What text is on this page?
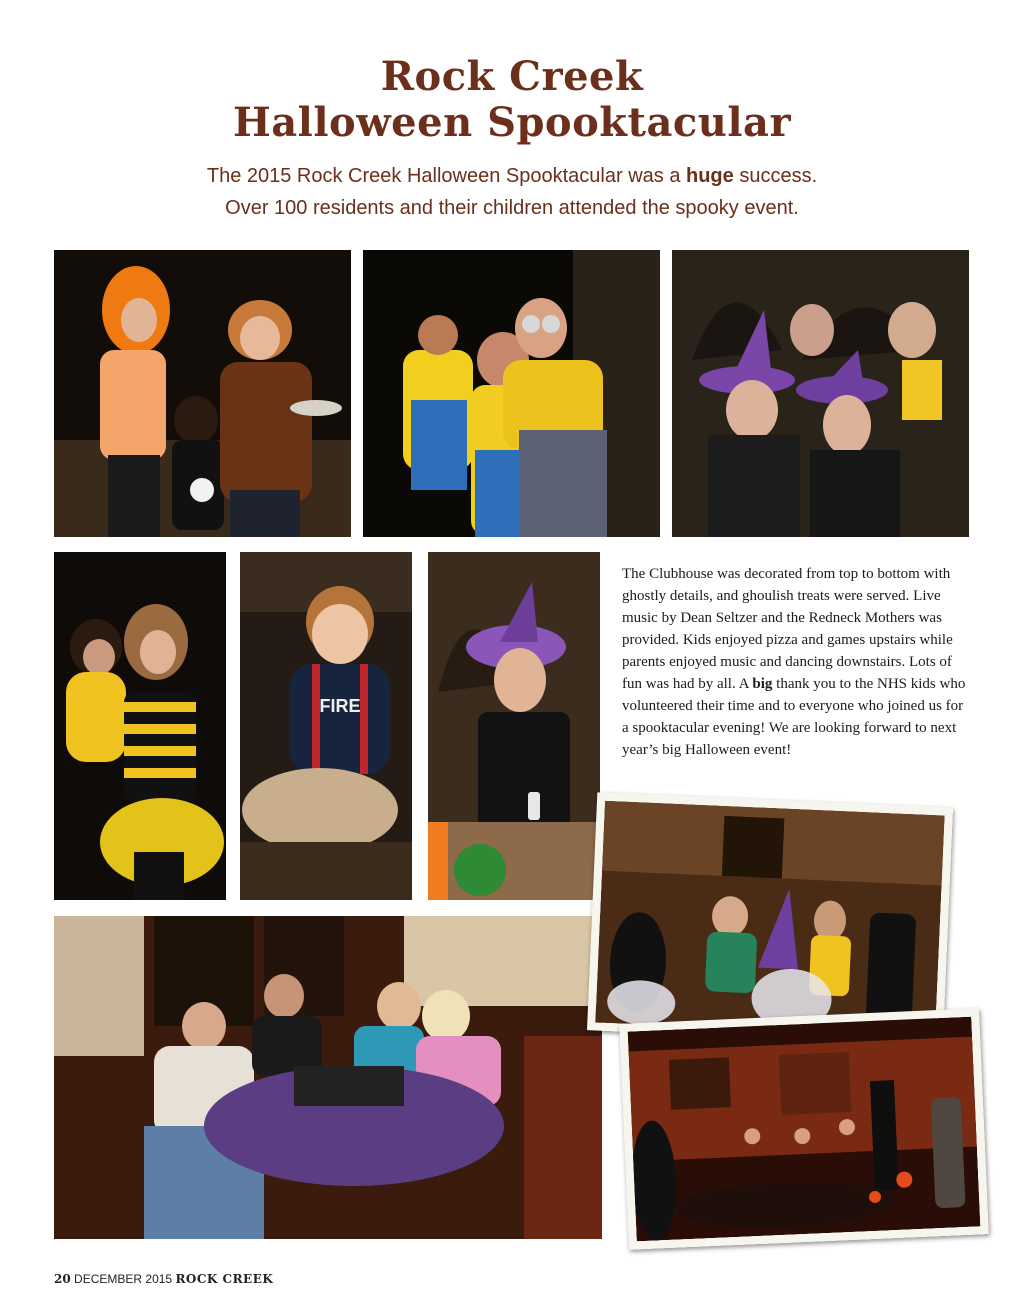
Rock Creek
Halloween Spooktacular
The 2015 Rock Creek Halloween Spooktacular was a huge success.
Over 100 residents and their children attended the spooky event.
FIRE
The Clubhouse was decorated from top to bottom with ghostly details, and ghoulish treats were served. Live music by Dean Seltzer and the Redneck Mothers was provided. Kids enjoyed pizza and games upstairs while parents enjoyed music and dancing downstairs. Lots of fun was had by all. A big thank you to the NHS kids who volunteered their time and to everyone who joined us for a spooktacular evening! We are looking forward to next year’s big Halloween event!
20 DECEMBER 2015 ROCK CREEK
